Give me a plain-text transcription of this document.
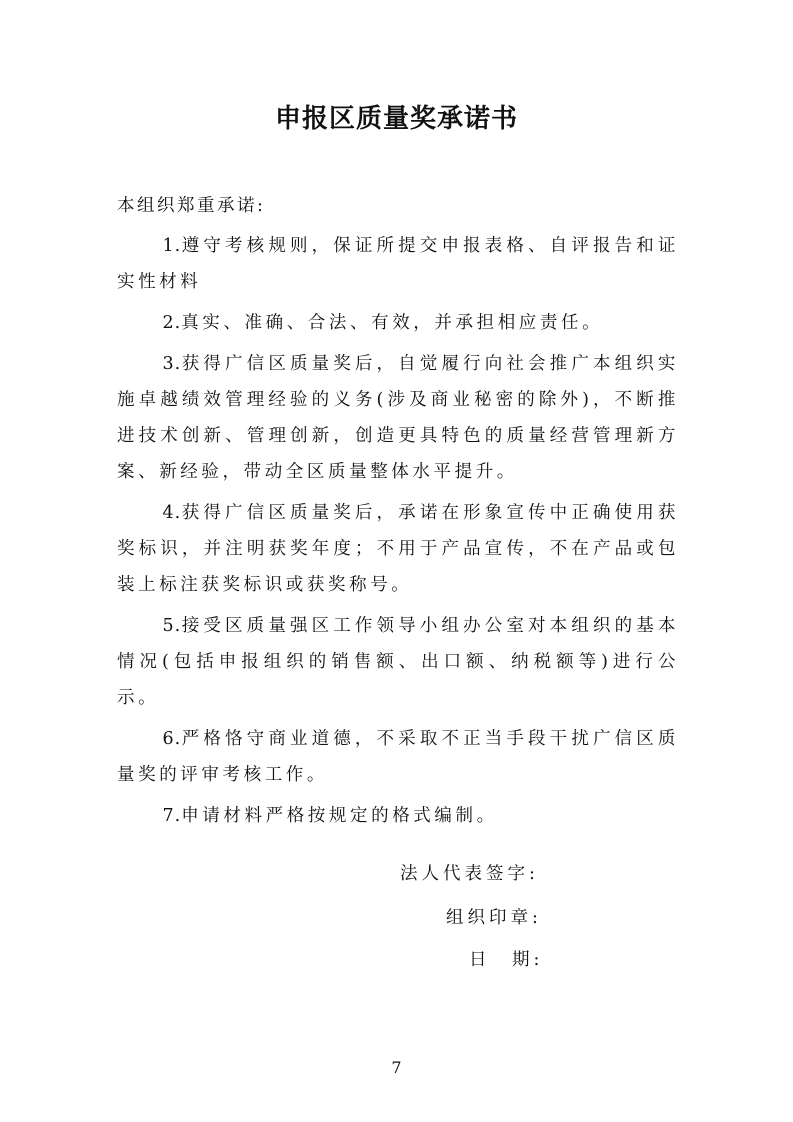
申报区质量奖承诺书

本组织郑重承诺:

1.遵守考核规则，保证所提交申报表格、自评报告和证实性材料

2.真实、准确、合法、有效，并承担相应责任。

3.获得广信区质量奖后，自觉履行向社会推广本组织实施卓越绩效管理经验的义务(涉及商业秘密的除外)，不断推进技术创新、管理创新，创造更具特色的质量经营管理新方案、新经验，带动全区质量整体水平提升。

4.获得广信区质量奖后，承诺在形象宣传中正确使用获奖标识，并注明获奖年度；不用于产品宣传，不在产品或包装上标注获奖标识或获奖称号。

5.接受区质量强区工作领导小组办公室对本组织的基本情况(包括申报组织的销售额、出口额、纳税额等)进行公示。

6.严格恪守商业道德，不采取不正当手段干扰广信区质量奖的评审考核工作。

7.申请材料严格按规定的格式编制。

法人代表签字:
组织印章:
日　期:
7
